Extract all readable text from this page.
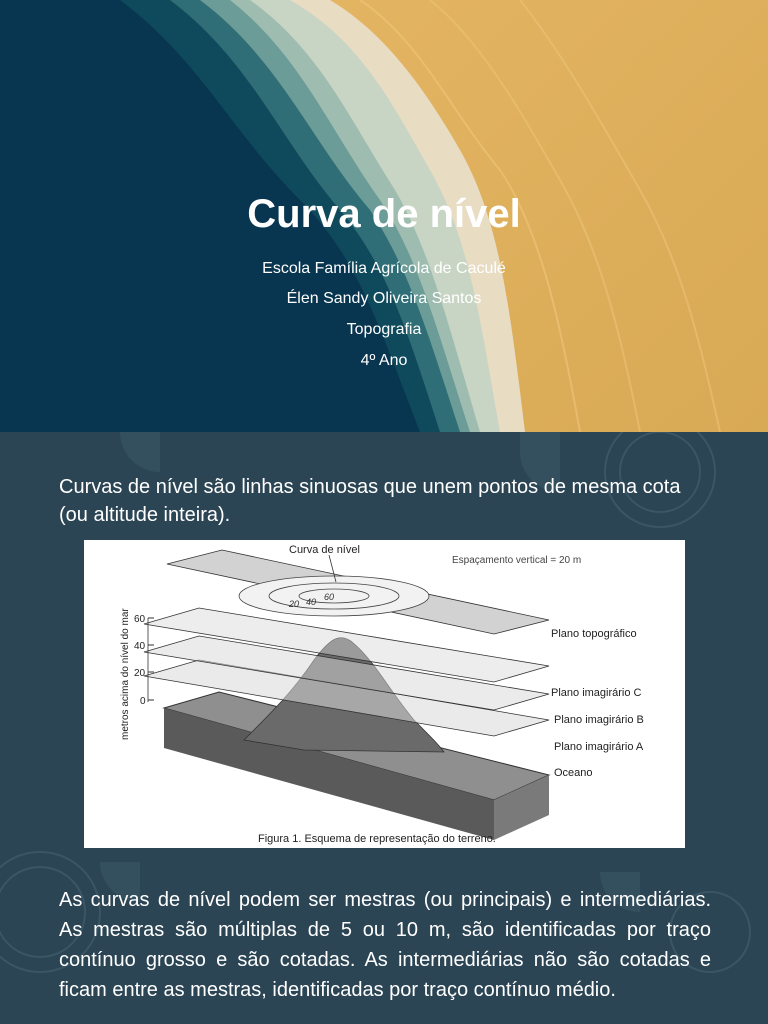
Curva de nível
Escola Família Agrícola de Caculé
Élen Sandy Oliveira Santos
Topografia
4º Ano
Curvas de nível são linhas sinuosas que unem pontos de mesma cota (ou altitude inteira).
20 40 60
Curva de nível
Espaçamento vertical = 20 m
60
40
20
0
metros acima do nível do mar	Plano topográfico
Plano imagirário C
Plano imagirário B
Plano imagirário A
Oceano
Figura 1. Esquema de representação do terreno.
As curvas de nível podem ser mestras (ou principais) e intermediárias. As mestras são múltiplas de 5 ou 10 m, são identificadas por traço contínuo grosso e são cotadas. As intermediárias não são cotadas e ficam entre as mestras, identificadas por traço contínuo médio.
